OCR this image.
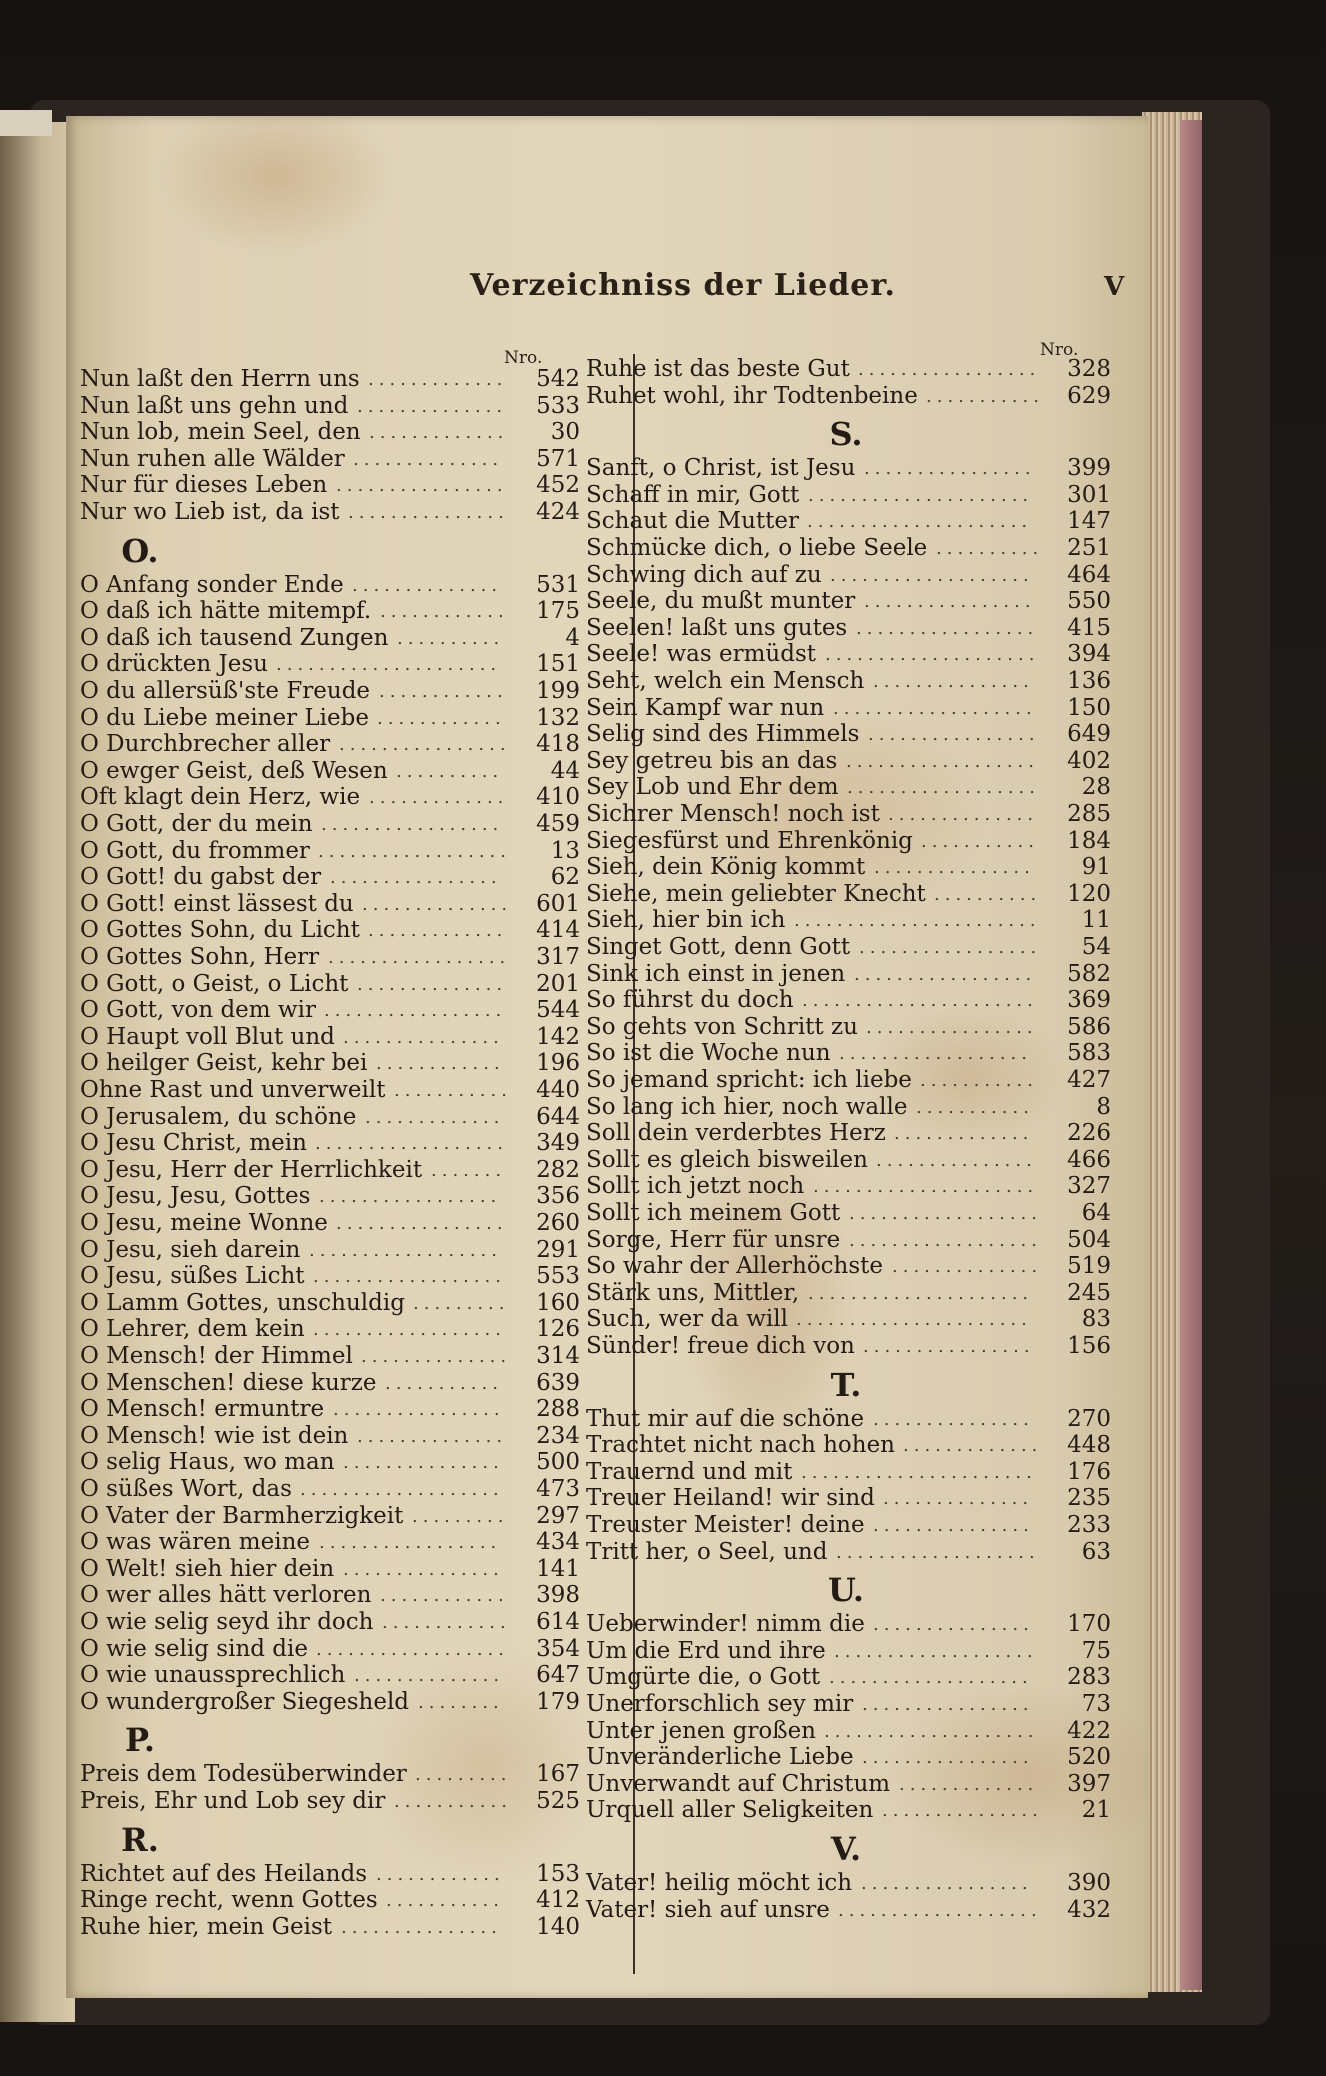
Verzeichniss der Lieder.	V
Nro.	Nro.
Nun laßt den Herrn uns .............	542
Nun laßt uns gehn und ..............	533
Nun lob, mein Seel, den .............	30
Nun ruhen alle Wälder ..............	571
Nur für dieses Leben ................	452
Nur wo Lieb ist, da ist ...............	424
O.
O Anfang sonder Ende ..............	531
O daß ich hätte mitempf. ............	175
O daß ich tausend Zungen ..........	4
O drückten Jesu .....................	151
O du allersüß'ste Freude ............	199
O du Liebe meiner Liebe ............	132
O Durchbrecher aller ................	418
O ewger Geist, deß Wesen ..........	44
Oft klagt dein Herz, wie .............	410
O Gott, der du mein .................	459
O Gott, du frommer ..................	13
O Gott! du gabst der ................	62
O Gott! einst lässest du ..............	601
O Gottes Sohn, du Licht .............	414
O Gottes Sohn, Herr .................	317
O Gott, o Geist, o Licht ..............	201
O Gott, von dem wir .................	544
O Haupt voll Blut und ...............	142
O heilger Geist, kehr bei ............	196
Ohne Rast und unverweilt ...........	440
O Jerusalem, du schöne .............	644
O Jesu Christ, mein ..................	349
O Jesu, Herr der Herrlichkeit .......	282
O Jesu, Jesu, Gottes .................	356
O Jesu, meine Wonne ................	260
O Jesu, sieh darein ..................	291
O Jesu, süßes Licht ..................	553
O Lamm Gottes, unschuldig .........	160
O Lehrer, dem kein ..................	126
O Mensch! der Himmel ..............	314
O Menschen! diese kurze ...........	639
O Mensch! ermuntre ................	288
O Mensch! wie ist dein ..............	234
O selig Haus, wo man ...............	500
O süßes Wort, das ...................	473
O Vater der Barmherzigkeit .........	297
O was wären meine .................	434
O Welt! sieh hier dein ...............	141
O wer alles hätt verloren ............	398
O wie selig seyd ihr doch ............	614
O wie selig sind die ..................	354
O wie unaussprechlich ..............	647
O wundergroßer Siegesheld ........	179
P.
Preis dem Todesüberwinder .........	167
Preis, Ehr und Lob sey dir ...........	525
R.
Richtet auf des Heilands ............	153
Ringe recht, wenn Gottes ...........	412
Ruhe hier, mein Geist ...............	140
Ruhe ist das beste Gut .................	328
Ruhet wohl, ihr Todtenbeine ...........	629
S.
Sanft, o Christ, ist Jesu ................	399
Schaff in mir, Gott .....................	301
Schaut die Mutter .....................	147
Schmücke dich, o liebe Seele ..........	251
Schwing dich auf zu ...................	464
Seele, du mußt munter ................	550
Seelen! laßt uns gutes .................	415
Seele! was ermüdst ....................	394
Seht, welch ein Mensch ...............	136
Sein Kampf war nun ...................	150
Selig sind des Himmels ................	649
Sey getreu bis an das ..................	402
Sey Lob und Ehr dem ..................	28
Sichrer Mensch! noch ist ..............	285
Siegesfürst und Ehrenkönig ...........	184
Sieh, dein König kommt ...............	91
Siehe, mein geliebter Knecht ..........	120
Sieh, hier bin ich .......................	11
Singet Gott, denn Gott .................	54
Sink ich einst in jenen .................	582
So führst du doch ......................	369
So gehts von Schritt zu ................	586
So ist die Woche nun ..................	583
So jemand spricht: ich liebe ...........	427
So lang ich hier, noch walle ...........	8
Soll dein verderbtes Herz .............	226
Sollt es gleich bisweilen ...............	466
Sollt ich jetzt noch .....................	327
Sollt ich meinem Gott ..................	64
Sorge, Herr für unsre ..................	504
So wahr der Allerhöchste ..............	519
Stärk uns, Mittler, .....................	245
Such, wer da will ......................	83
Sünder! freue dich von ................	156
T.
Thut mir auf die schöne ...............	270
Trachtet nicht nach hohen .............	448
Trauernd und mit ......................	176
Treuer Heiland! wir sind ..............	235
Treuster Meister! deine ...............	233
Tritt her, o Seel, und ...................	63
U.
Ueberwinder! nimm die ...............	170
Um die Erd und ihre ...................	75
Umgürte die, o Gott ...................	283
Unerforschlich sey mir ................	73
Unter jenen großen ....................	422
Unveränderliche Liebe ................	520
Unverwandt auf Christum .............	397
Urquell aller Seligkeiten ...............	21
V.
Vater! heilig möcht ich ................	390
Vater! sieh auf unsre ...................	432
